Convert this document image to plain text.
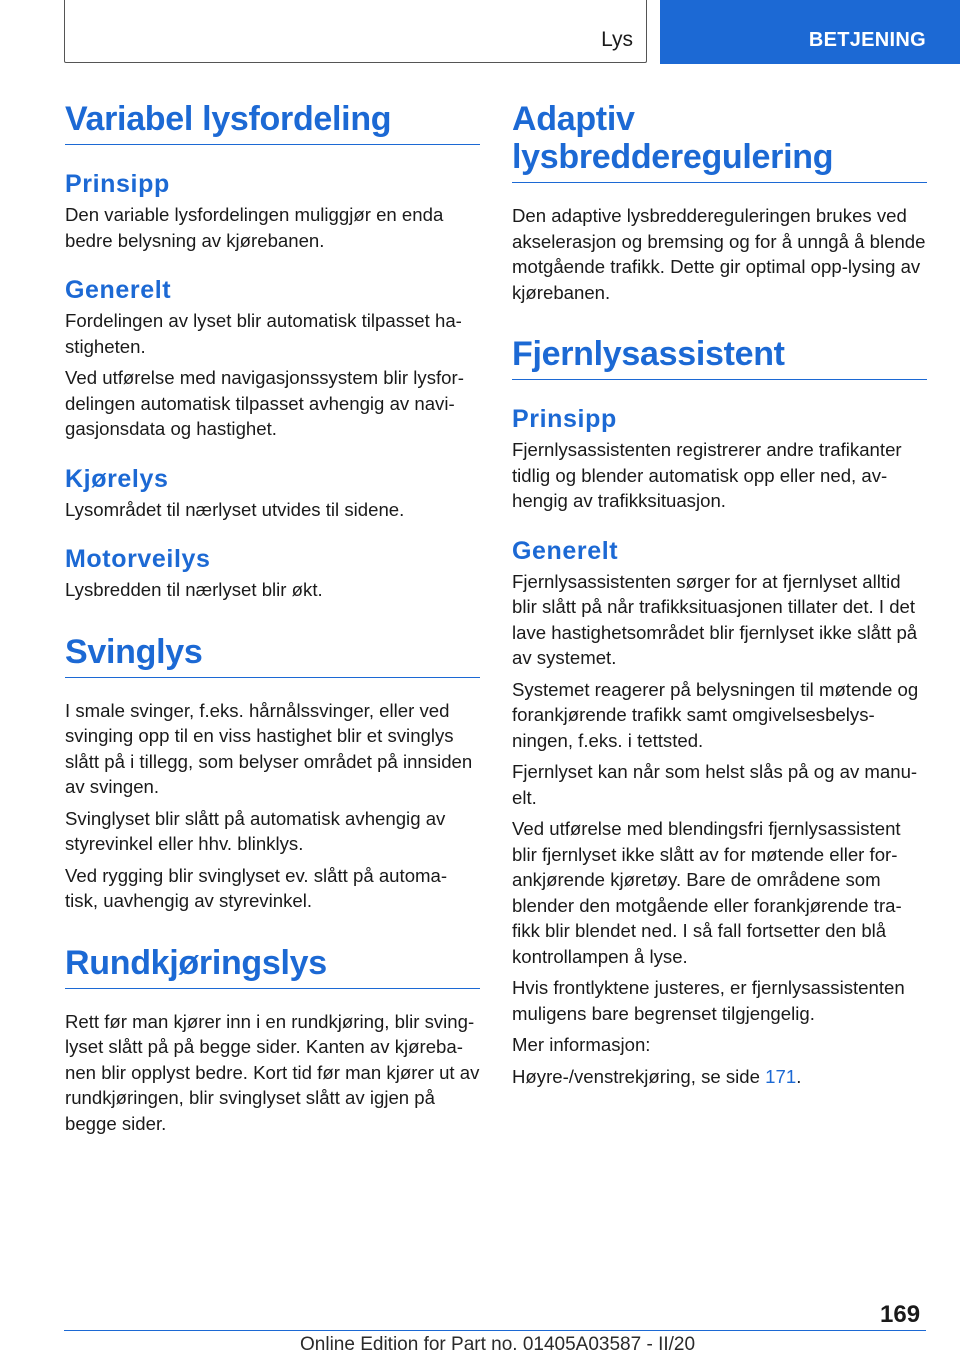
Lys	BETJENING
Variabel lysfordeling
Prinsipp

Den variable lysfordelingen muliggjør en enda bedre belysning av kjørebanen.

Generelt

Fordelingen av lyset blir automatisk tilpasset ha-stigheten.

Ved utførelse med navigasjonssystem blir lysfor-delingen automatisk tilpasset avhengig av navi-gasjonsdata og hastighet.

Kjørelys

Lysområdet til nærlyset utvides til sidene.

Motorveilys

Lysbredden til nærlyset blir økt.

Svinglys

I smale svinger, f.eks. hårnålssvinger, eller ved svinging opp til en viss hastighet blir et svinglys slått på i tillegg, som belyser området på innsiden av svingen.

Svinglyset blir slått på automatisk avhengig av styrevinkel eller hhv. blinklys.

Ved rygging blir svinglyset ev. slått på automa-tisk, uavhengig av styrevinkel.

Rundkjøringslys

Rett før man kjører inn i en rundkjøring, blir sving-lyset slått på på begge sider. Kanten av kjøreba-nen blir opplyst bedre. Kort tid før man kjører ut av rundkjøringen, blir svinglyset slått av igjen på begge sider.

Adaptiv
lysbredderegulering

Den adaptive lysbreddereguleringen brukes ved akselerasjon og bremsing og for å unngå å blende motgående trafikk. Dette gir optimal opp-lysing av kjørebanen.

Fjernlysassistent
Prinsipp

Fjernlysassistenten registrerer andre trafikanter tidlig og blender automatisk opp eller ned, av-hengig av trafikksituasjon.

Generelt

Fjernlysassistenten sørger for at fjernlyset alltid blir slått på når trafikksituasjonen tillater det. I det lave hastighetsområdet blir fjernlyset ikke slått på av systemet.

Systemet reagerer på belysningen til møtende og forankjørende trafikk samt omgivelsesbelys-ningen, f.eks. i tettsted.

Fjernlyset kan når som helst slås på og av manu-elt.

Ved utførelse med blendingsfri fjernlysassistent blir fjernlyset ikke slått av for møtende eller for-ankjørende kjøretøy. Bare de områdene som blender den motgående eller forankjørende tra-fikk blir blendet ned. I så fall fortsetter den blå kontrollampen å lyse.

Hvis frontlyktene justeres, er fjernlysassistenten muligens bare begrenset tilgjengelig.

Mer informasjon:

Høyre-/venstrekjøring, se side 171.

169
Online Edition for Part no. 01405A03587 - II/20
